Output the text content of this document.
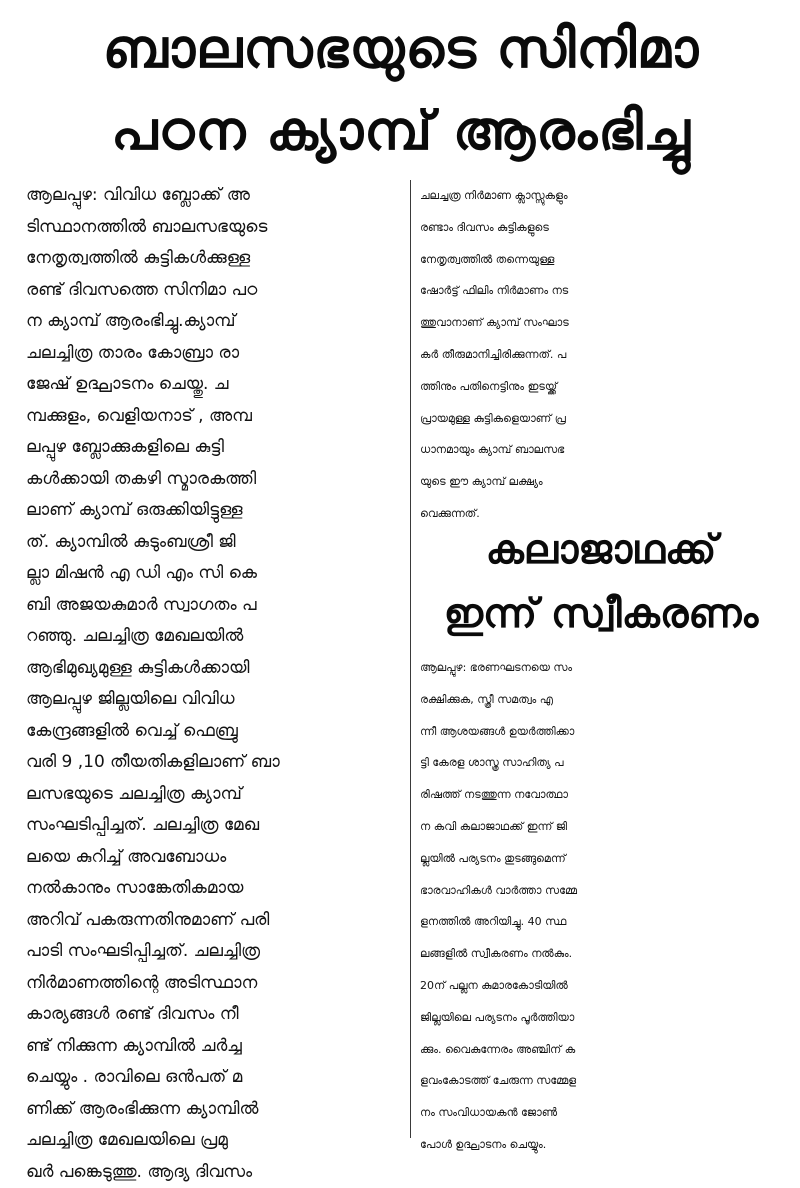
ബാലസഭയുടെ സിനിമാ
പഠന ക്യാമ്പ് ആരംഭിച്ചു
ആലപ്പുഴ: വിവിധ ബ്ലോക്ക് അ
ടിസ്ഥാനത്തിൽ ബാലസഭയുടെ
നേതൃത്വത്തിൽ കുട്ടികൾക്കുള്ള
രണ്ട് ദിവസത്തെ സിനിമാ പഠ
ന ക്യാമ്പ് ആരംഭിച്ചു.ക്യാമ്പ്
ചലച്ചിത്ര താരം കോബ്രാ രാ
ജേഷ് ഉദ്ഘാടനം ചെയ്തു. ച
മ്പക്കുളം, വെളിയനാട് , അമ്പ
ലപ്പുഴ ബ്ലോക്കുകളിലെ കുട്ടി
കൾക്കായി തകഴി സ്മാരകത്തി
ലാണ് ക്യാമ്പ് ഒരുക്കിയിട്ടുള്ള
ത്. ക്യാമ്പിൽ കുടുംബശ്രീ ജി
ല്ലാ മിഷൻ എ ഡി എം സി കെ
ബി അജയകുമാർ സ്വാഗതം പ
റഞ്ഞു. ചലച്ചിത്ര മേഖലയിൽ
ആഭിമുഖ്യമുള്ള കുട്ടികൾക്കായി
ആലപ്പുഴ ജില്ലയിലെ വിവിധ
കേന്ദ്രങ്ങളിൽ വെച്ച് ഫെബ്രു
വരി 9 ,10 തീയതികളിലാണ് ബാ
ലസഭയുടെ ചലച്ചിത്ര ക്യാമ്പ്
സംഘടിപ്പിച്ചത്. ചലച്ചിത്ര മേഖ
ലയെ കുറിച്ച് അവബോധം
നൽകാനും സാങ്കേതികമായ
അറിവ് പകരുന്നതിനുമാണ് പരി
പാടി സംഘടിപ്പിച്ചത്. ചലച്ചിത്ര
നിർമാണത്തിന്റെ അടിസ്ഥാന
കാര്യങ്ങൾ രണ്ട് ദിവസം നീ
ണ്ട് നിക്കുന്ന ക്യാമ്പിൽ ചർച്ച
ചെയ്യും . രാവിലെ ഒൻപത് മ
ണിക്ക് ആരംഭിക്കുന്ന ക്യാമ്പിൽ
ചലച്ചിത്ര മേഖലയിലെ പ്രമു
ഖർ പങ്കെടുത്തു. ആദ്യ ദിവസം
ചലച്ചത്ര നിർമാണ ക്ലാസ്സുകളും
രണ്ടാം ദിവസം കുട്ടികളുടെ
നേതൃത്വത്തിൽ തന്നെയുള്ള
ഷോർട്ട് ഫിലിം നിർമാണം നട
ത്തുവാനാണ് ക്യാമ്പ് സംഘാട
കർ തീരുമാനിച്ചിരിക്കുന്നത്. പ
ത്തിനും പതിനെട്ടിനും ഇടയ്ക്ക്
പ്രായമുള്ള കുട്ടികളെയാണ് പ്ര
ധാനമായും ക്യാമ്പ് ബാലസഭ
യുടെ ഈ ക്യാമ്പ് ലക്ഷ്യം
വെക്കുന്നത്.
കലാജാഥക്ക്
ഇന്ന് സ്വീകരണം
ആലപ്പുഴ: ഭരണഘടനയെ സം
രക്ഷിക്കുക, സ്ത്രീ സമത്വം എ
ന്നീ ആശയങ്ങൾ ഉയർത്തിക്കാ
ട്ടി കേരള ശാസ്ത്ര സാഹിത്യ പ
രിഷത്ത് നടത്തുന്ന നവോത്ഥാ
ന കവി കലാജാഥക്ക് ഇന്ന് ജി
ല്ലയിൽ പര്യടനം തുടങ്ങുമെന്ന്
ഭാരവാഹികൾ വാർത്താ സമ്മേ
ളനത്തിൽ അറിയിച്ചു. 40 സ്ഥ
ലങ്ങളിൽ സ്വീകരണം നൽകും.
20ന് പല്ലന കുമാരകോടിയിൽ
ജില്ലയിലെ പര്യടനം പൂർത്തിയാ
ക്കും. വൈകുന്നേരം അഞ്ചിന് ക
ളവംകോടത്ത് ചേരുന്ന സമ്മേള
നം സംവിധായകൻ ജോൺ
പോൾ ഉദ്ഘാടനം ചെയ്യും.
